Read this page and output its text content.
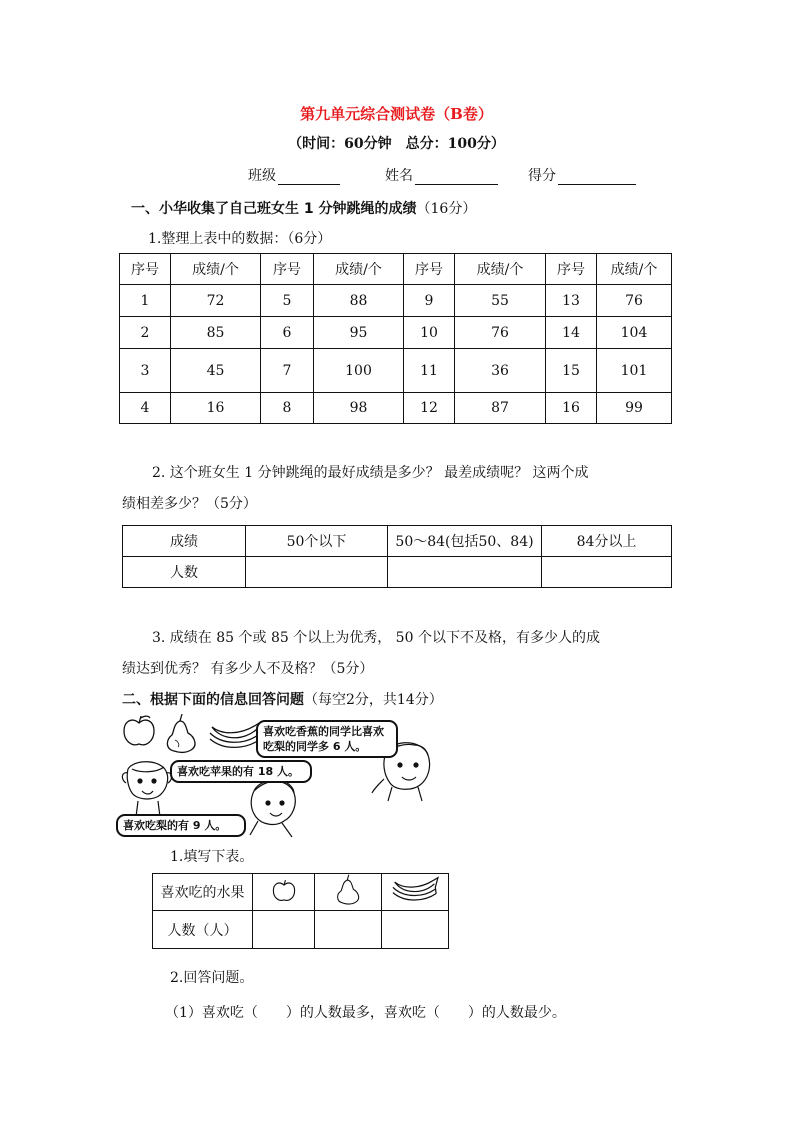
第九单元综合测试卷（B卷）
（时间：60分钟　总分：100分）
班级	姓名	得分
一、小华收集了自己班女生 1 分钟跳绳的成绩（16分）
1.整理上表中的数据：（6分）
序号	成绩/个	序号	成绩/个	序号	成绩/个	序号	成绩/个
1	72	5	88	9	55	13	76
2	85	6	95	10	76	14	104
3	45	7	100	11	36	15	101
4	16	8	98	12	87	16	99
2. 这个班女生 1 分钟跳绳的最好成绩是多少？ 最差成绩呢？ 这两个成
绩相差多少？（5分）
成绩	50个以下	50～84(包括50、84)	84分以上
人数			
3. 成绩在 85 个或 85 个以上为优秀， 50 个以下不及格，有多少人的成
绩达到优秀？ 有多少人不及格？（5分）
二、根据下面的信息回答问题（每空2分，共14分）
喜欢吃香蕉的同学比喜欢吃梨的同学多 6 人。
喜欢吃苹果的有 18 人。
喜欢吃梨的有 9 人。
1.填写下表。
喜欢吃的水果			
人数（人）			
2.回答问题。
（1）喜欢吃（　　）的人数最多，喜欢吃（　　）的人数最少。
